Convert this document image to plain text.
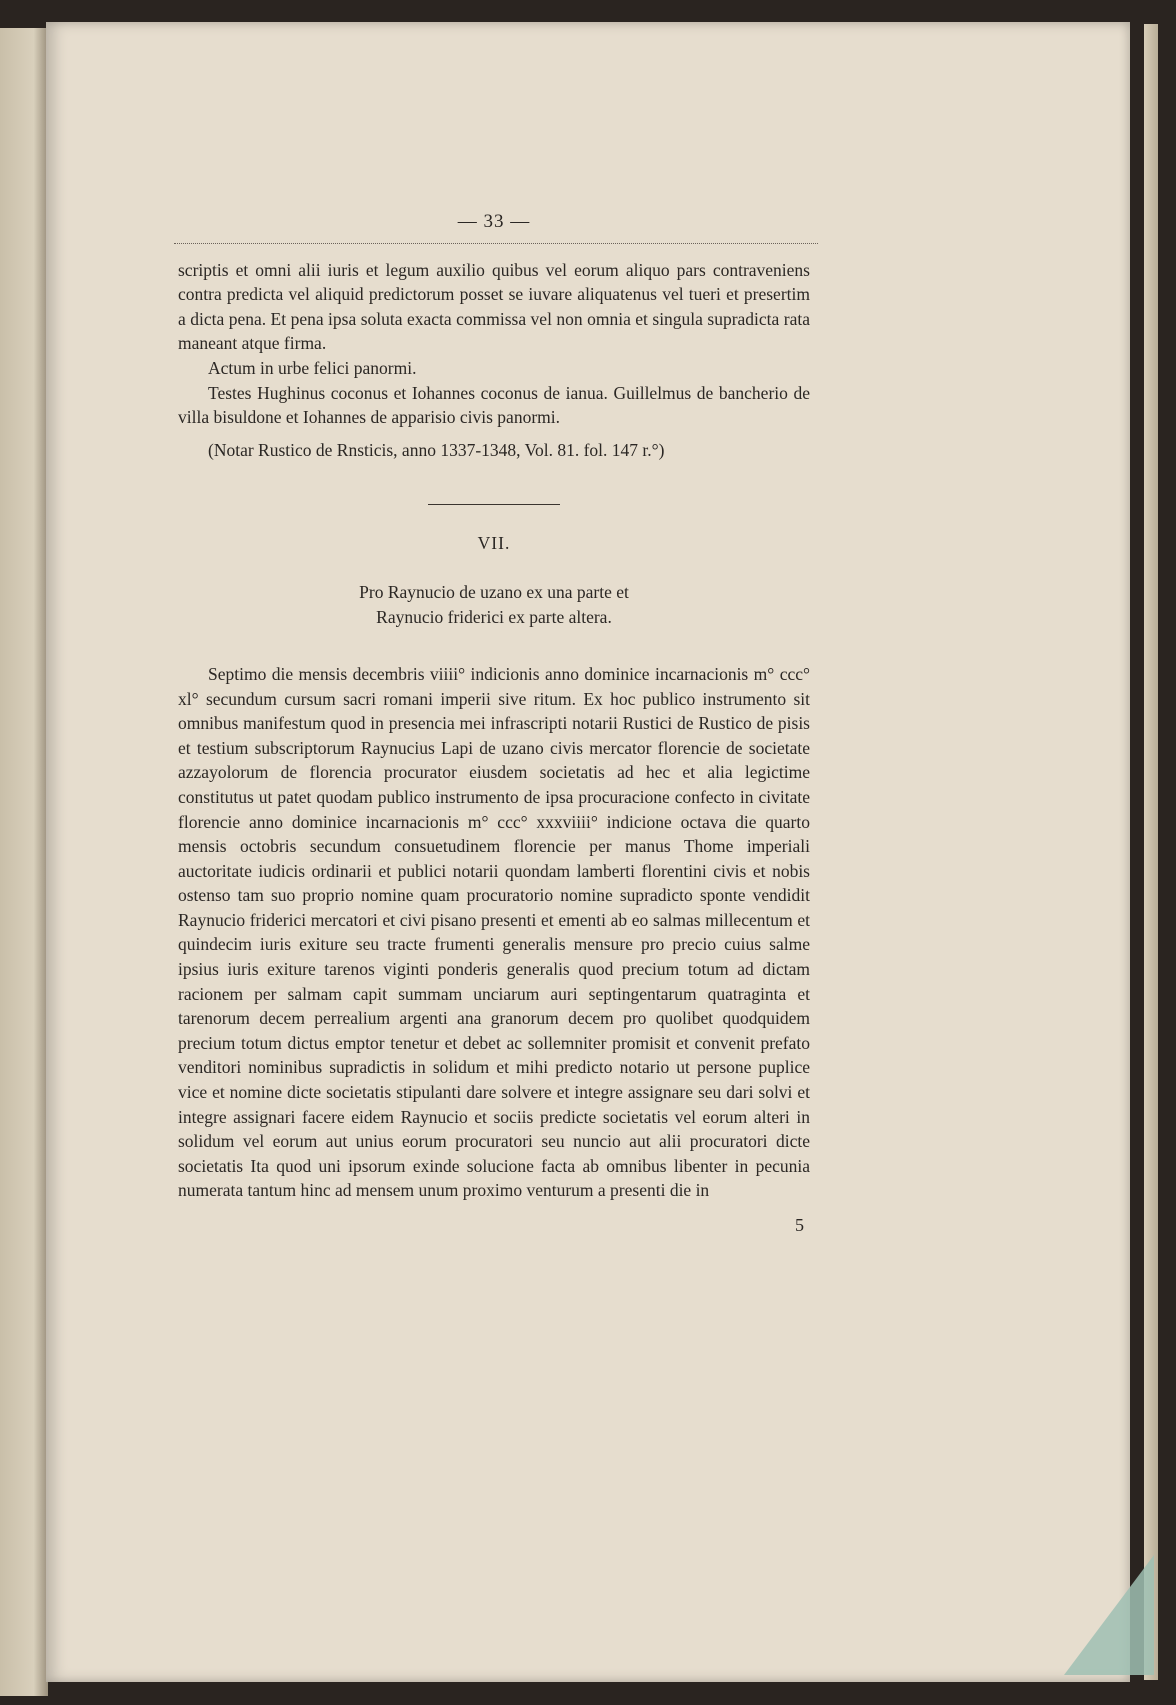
— 33 —

scriptis et omni alii iuris et legum auxilio quibus vel eorum aliquo pars contraveniens contra predicta vel aliquid predictorum posset se iuvare aliquatenus vel tueri et presertim a dicta pena. Et pena ipsa soluta exacta commissa vel non omnia et singula supradicta rata maneant atque firma.

Actum in urbe felici panormi.

Testes Hughinus coconus et Iohannes coconus de ianua. Guillelmus de bancherio de villa bisuldone et Iohannes de apparisio civis panormi.

(Notar Rustico de Rnsticis, anno 1337-1348, Vol. 81. fol. 147 r.°)

VII.
Pro Raynucio de uzano ex una parte et
Raynucio friderici ex parte altera.

Septimo die mensis decembris viiii° indicionis anno dominice incarnacionis m° ccc° xl° secundum cursum sacri romani imperii sive ritum. Ex hoc publico instrumento sit omnibus manifestum quod in presencia mei infrascripti notarii Rustici de Rustico de pisis et testium subscriptorum Raynucius Lapi de uzano civis mercator florencie de societate azzayolorum de florencia procurator eiusdem societatis ad hec et alia legictime constitutus ut patet quodam publico instrumento de ipsa procuracione confecto in civitate florencie anno dominice incarnacionis m° ccc° xxxviiii° indicione octava die quarto mensis octobris secundum consuetudinem florencie per manus Thome imperiali auctoritate iudicis ordinarii et publici notarii quondam lamberti florentini civis et nobis ostenso tam suo proprio nomine quam procuratorio nomine supradicto sponte vendidit Raynucio friderici mercatori et civi pisano presenti et ementi ab eo salmas millecentum et quindecim iuris exiture seu tracte frumenti generalis mensure pro precio cuius salme ipsius iuris exiture tarenos viginti ponderis generalis quod precium totum ad dictam racionem per salmam capit summam unciarum auri septingentarum quatraginta et tarenorum decem perrealium argenti ana granorum decem pro quolibet quodquidem precium totum dictus emptor tenetur et debet ac sollemniter promisit et convenit prefato venditori nominibus supradictis in solidum et mihi predicto notario ut persone puplice vice et nomine dicte societatis stipulanti dare solvere et integre assignare seu dari solvi et integre assignari facere eidem Raynucio et sociis predicte societatis vel eorum alteri in solidum vel eorum aut unius eorum procuratori seu nuncio aut alii procuratori dicte societatis Ita quod uni ipsorum exinde solucione facta ab omnibus libenter in pecunia numerata tantum hinc ad mensem unum proximo venturum a presenti die in

5
